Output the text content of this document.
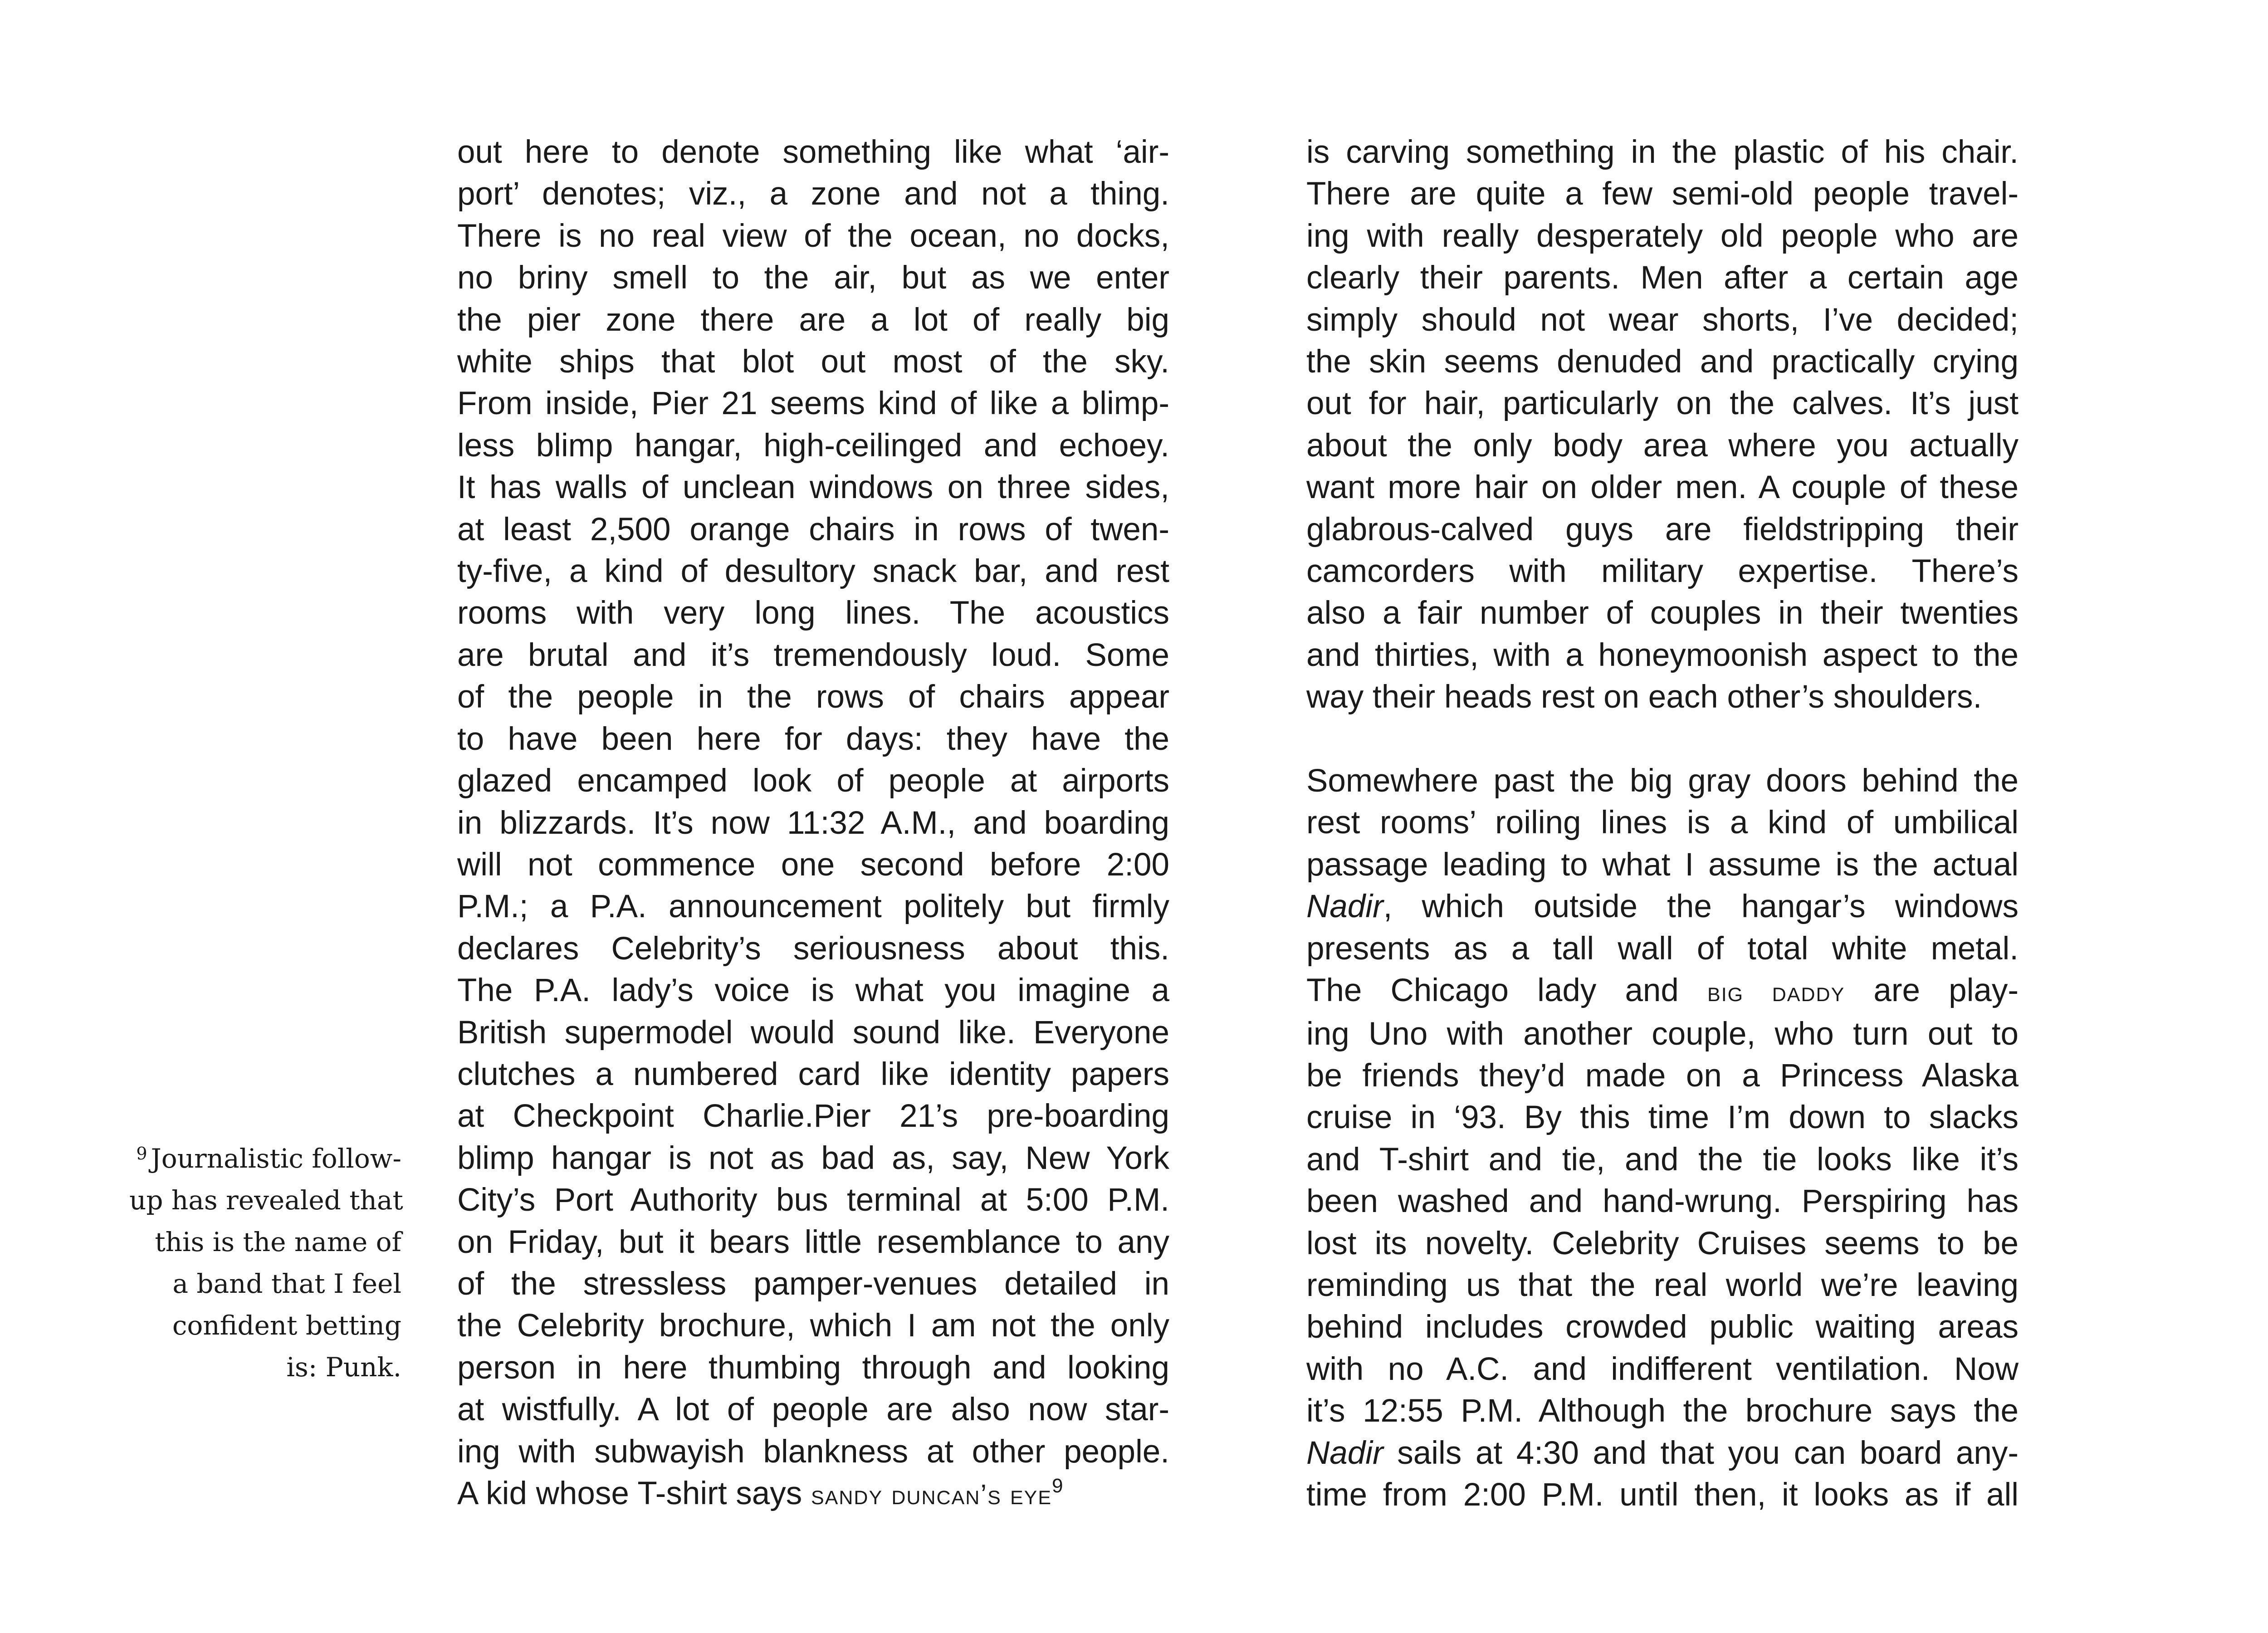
$^9$ Journalistic follow-
up has revealed that
this is the name of
a band that I feel
confident betting
is: Punk.
out here to denote something like what ‘air-
port’ denotes; viz., a zone and not a thing.
There is no real view of the ocean, no docks,
no briny smell to the air, but as we enter
the pier zone there are a lot of really big
white ships that blot out most of the sky.
From inside, Pier 21 seems kind of like a blimp-
less blimp hangar, high-ceilinged and echoey.
It has walls of unclean windows on three sides,
at least 2,500 orange chairs in rows of twen-
ty-five, a kind of desultory snack bar, and rest
rooms with very long lines. The acoustics
are brutal and it’s tremendously loud. Some
of the people in the rows of chairs appear
to have been here for days: they have the
glazed encamped look of people at airports
in blizzards. It’s now 11:32 A.M., and boarding
will not commence one second before 2:00
P.M.; a P.A. announcement politely but firmly
declares Celebrity’s seriousness about this.
The P.A. lady’s voice is what you imagine a
British supermodel would sound like. Everyone
clutches a numbered card like identity papers
at Checkpoint Charlie.Pier 21’s pre-boarding
blimp hangar is not as bad as, say, New York
City’s Port Authority bus terminal at 5:00 P.M.
on Friday, but it bears little resemblance to any
of the stressless pamper-venues detailed in
the Celebrity brochure, which I am not the only
person in here thumbing through and looking
at wistfully. A lot of people are also now star-
ing with subwayish blankness at other people.
A kid whose T-shirt says sandy duncan’s eye$^9$
is carving something in the plastic of his chair.
There are quite a few semi-old people travel-
ing with really desperately old people who are
clearly their parents. Men after a certain age
simply should not wear shorts, I’ve decided;
the skin seems denuded and practically crying
out for hair, particularly on the calves. It’s just
about the only body area where you actually
want more hair on older men. A couple of these
glabrous-calved guys are fieldstripping their
camcorders with military expertise. There’s
also a fair number of couples in their twenties
and thirties, with a honeymoonish aspect to the
way their heads rest on each other’s shoulders.
Somewhere past the big gray doors behind the
rest rooms’ roiling lines is a kind of umbilical
passage leading to what I assume is the actual
Nadir, which outside the hangar’s windows
presents as a tall wall of total white metal.
The Chicago lady and big daddy are play-
ing Uno with another couple, who turn out to
be friends they’d made on a Princess Alaska
cruise in ‘93. By this time I’m down to slacks
and T-shirt and tie, and the tie looks like it’s
been washed and hand-wrung. Perspiring has
lost its novelty. Celebrity Cruises seems to be
reminding us that the real world we’re leaving
behind includes crowded public waiting areas
with no A.C. and indifferent ventilation. Now
it’s 12:55 P.M. Although the brochure says the
Nadir sails at 4:30 and that you can board any-
time from 2:00 P.M. until then, it looks as if all
